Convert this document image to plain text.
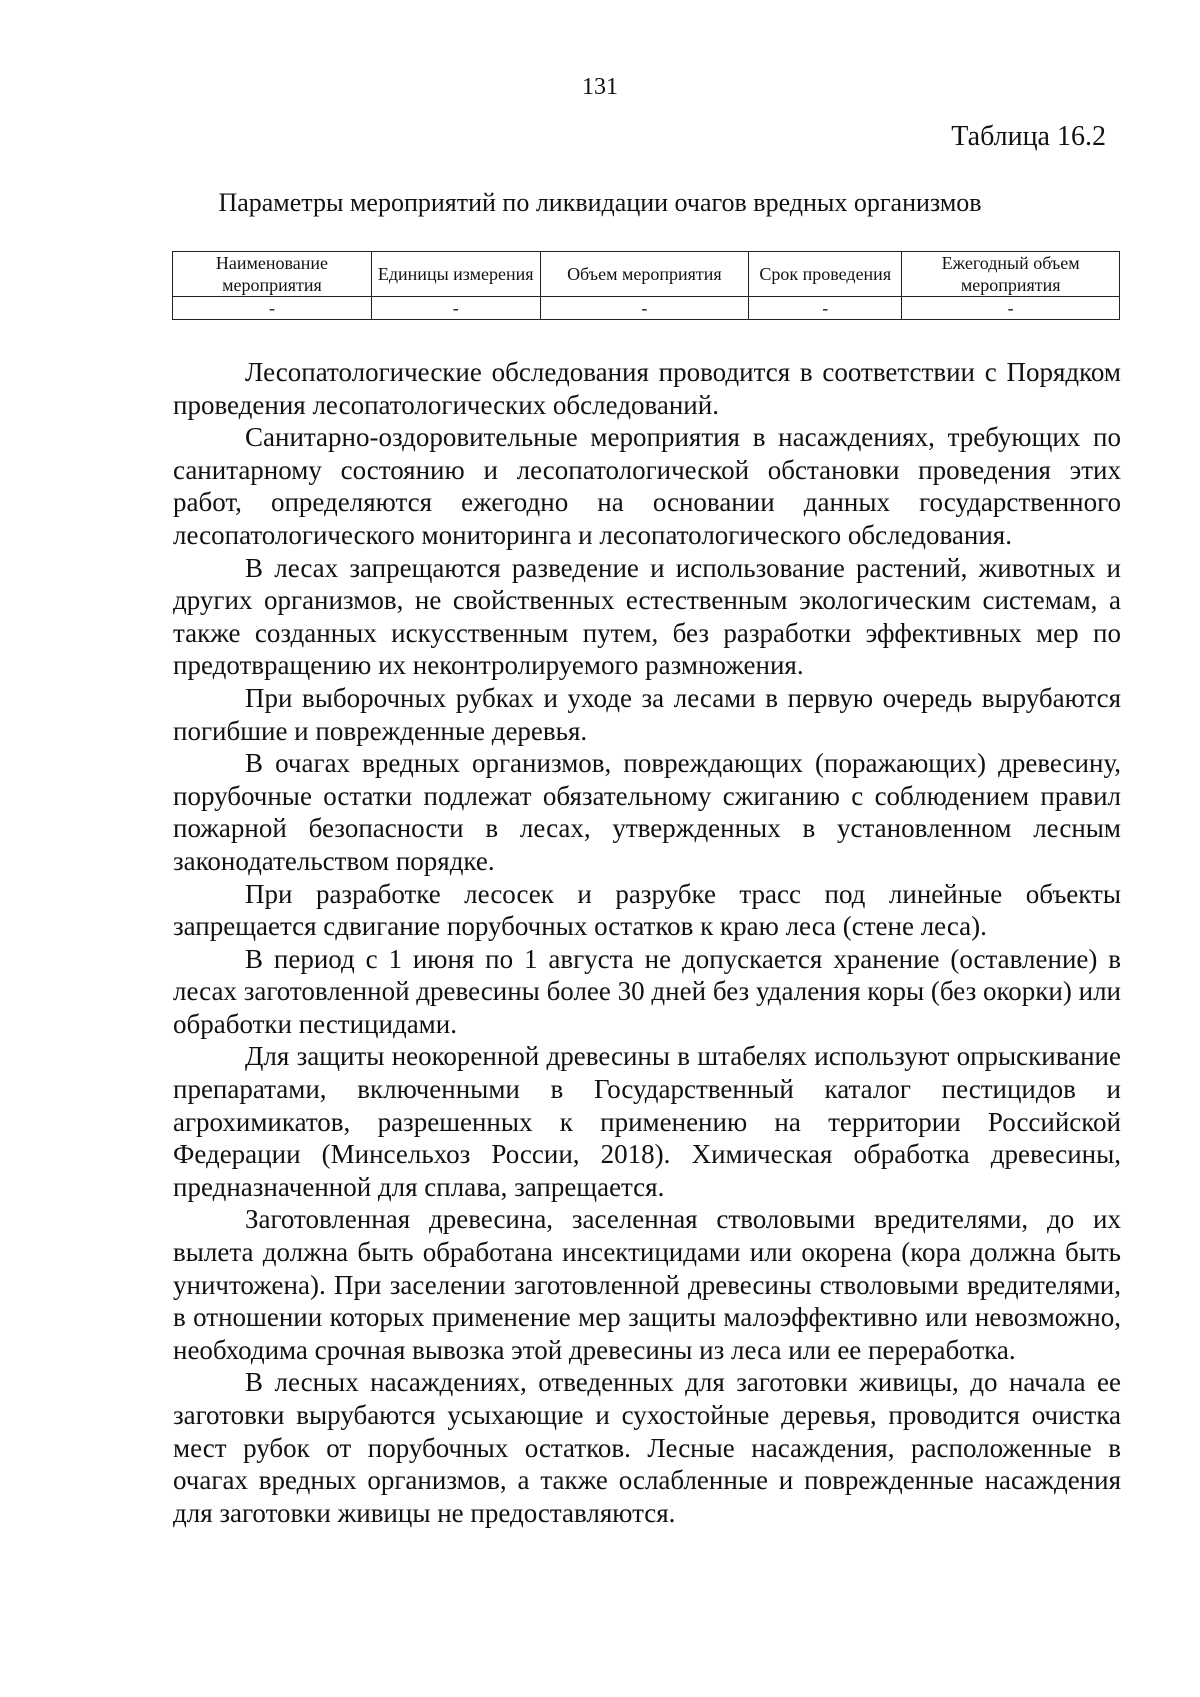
131
Таблица 16.2
Параметры мероприятий по ликвидации очагов вредных организмов
Наименование мероприятия	Единицы измерения	Объем мероприятия	Срок проведения	Ежегодный объем мероприятия
-	-	-	-	-

Лесопатологические обследования проводится в соответствии с Порядком проведения лесопатологических обследований.

Санитарно-оздоровительные мероприятия в насаждениях, требующих по санитарному состоянию и лесопатологической обстановки проведения этих работ, определяются ежегодно на основании данных государственного лесопатологического мониторинга и лесопатологического обследования.

В лесах запрещаются разведение и использование растений, животных и других организмов, не свойственных естественным экологическим системам, а также созданных искусственным путем, без разработки эффективных мер по предотвращению их неконтролируемого размножения.

При выборочных рубках и уходе за лесами в первую очередь вырубаются погибшие и поврежденные деревья.

В очагах вредных организмов, повреждающих (поражающих) древесину, порубочные остатки подлежат обязательному сжиганию с соблюдением правил пожарной безопасности в лесах, утвержденных в установленном лесным законодательством порядке.

При разработке лесосек и разрубке трасс под линейные объекты запрещается сдвигание порубочных остатков к краю леса (стене леса).

В период с 1 июня по 1 августа не допускается хранение (оставление) в лесах заготовленной древесины более 30 дней без удаления коры (без окорки) или обработки пестицидами.

Для защиты неокоренной древесины в штабелях используют опрыскивание препаратами, включенными в Государственный каталог пестицидов и агрохимикатов, разрешенных к применению на территории Российской Федерации (Минсельхоз России, 2018). Химическая обработка древесины, предназначенной для сплава, запрещается.

Заготовленная древесина, заселенная стволовыми вредителями, до их вылета должна быть обработана инсектицидами или окорена (кора должна быть уничтожена). При заселении заготовленной древесины стволовыми вредителями, в отношении которых применение мер защиты малоэффективно или невозможно, необходима срочная вывозка этой древесины из леса или ее переработка.

В лесных насаждениях, отведенных для заготовки живицы, до начала ее заготовки вырубаются усыхающие и сухостойные деревья, проводится очистка мест рубок от порубочных остатков. Лесные насаждения, расположенные в очагах вредных организмов, а также ослабленные и поврежденные насаждения для заготовки живицы не предоставляются.
